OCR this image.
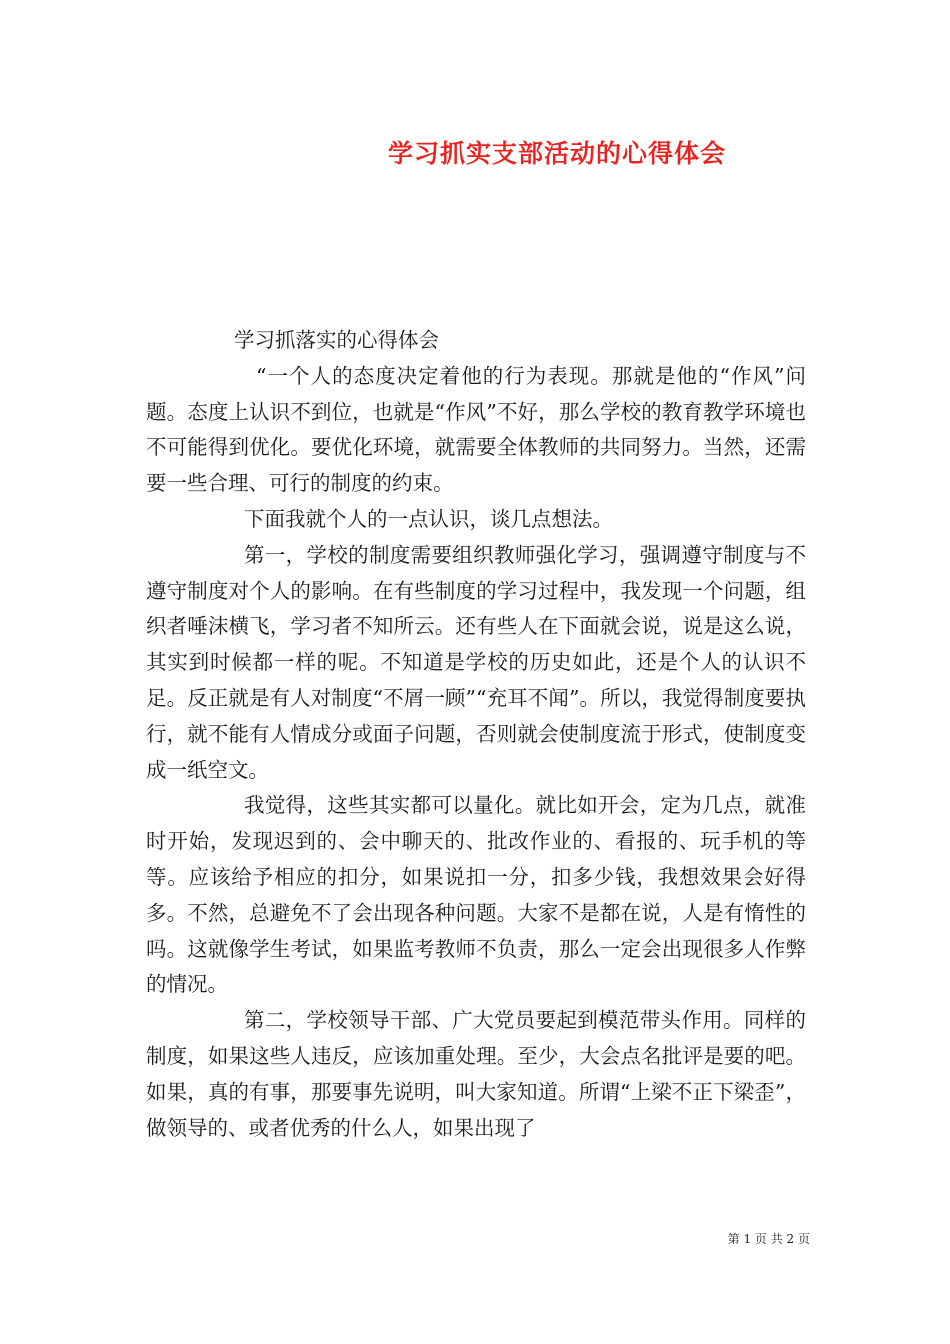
学习抓实支部活动的心得体会

学习抓落实的心得体会

“一个人的态度决定着他的行为表现。那就是他的“作风”问题。态度上认识不到位，也就是“作风”不好，那么学校的教育教学环境也不可能得到优化。要优化环境，就需要全体教师的共同努力。当然，还需要一些合理、可行的制度的约束。

下面我就个人的一点认识，谈几点想法。

第一，学校的制度需要组织教师强化学习，强调遵守制度与不遵守制度对个人的影响。在有些制度的学习过程中，我发现一个问题，组织者唾沫横飞，学习者不知所云。还有些人在下面就会说，说是这么说，其实到时候都一样的呢。不知道是学校的历史如此，还是个人的认识不足。反正就是有人对制度“不屑一顾”“充耳不闻”。所以，我觉得制度要执行，就不能有人情成分或面子问题，否则就会使制度流于形式，使制度变成一纸空文。

我觉得，这些其实都可以量化。就比如开会，定为几点，就准时开始，发现迟到的、会中聊天的、批改作业的、看报的、玩手机的等等。应该给予相应的扣分，如果说扣一分，扣多少钱，我想效果会好得多。不然，总避免不了会出现各种问题。大家不是都在说，人是有惰性的吗。这就像学生考试，如果监考教师不负责，那么一定会出现很多人作弊的情况。

第二，学校领导干部、广大党员要起到模范带头作用。同样的制度，如果这些人违反，应该加重处理。至少，大会点名批评是要的吧。如果，真的有事，那要事先说明，叫大家知道。所谓“上梁不正下梁歪”，做领导的、或者优秀的什么人，如果出现了

第 1 页 共 2 页
